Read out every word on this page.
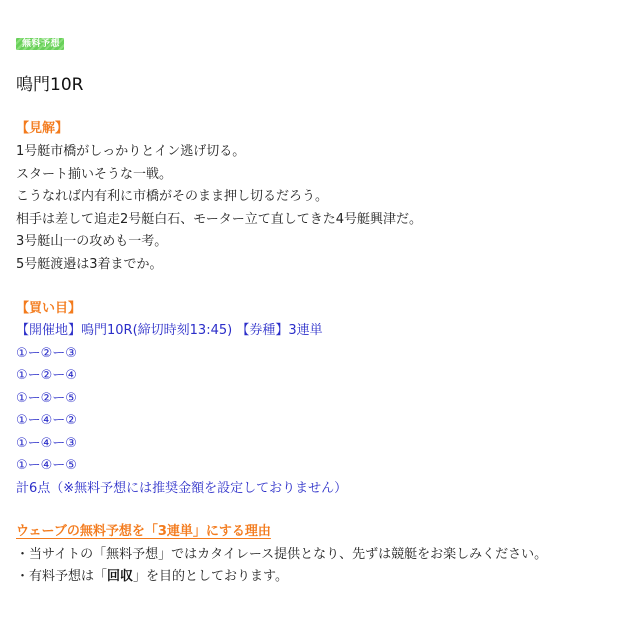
無料予想
鳴門10R
【見解】
1号艇市橋がしっかりとイン逃げ切る。
スタート揃いそうな一戦。
こうなれば内有利に市橋がそのまま押し切るだろう。
相手は差して追走2号艇白石、モーター立て直してきた4号艇興津だ。
3号艇山一の攻めも一考。
5号艇渡邉は3着までか。
【買い目】
【開催地】鳴門10R(締切時刻13:45) 【券種】3連単
①ー②ー③
①ー②ー④
①ー②ー⑤
①ー④ー②
①ー④ー③
①ー④ー⑤
計6点（※無料予想には推奨金額を設定しておりません）
ウェーブの無料予想を「3連単」にする理由
・当サイトの「無料予想」ではカタイレース提供となり、先ずは競艇をお楽しみください。
・有料予想は「回収」を目的としております。
